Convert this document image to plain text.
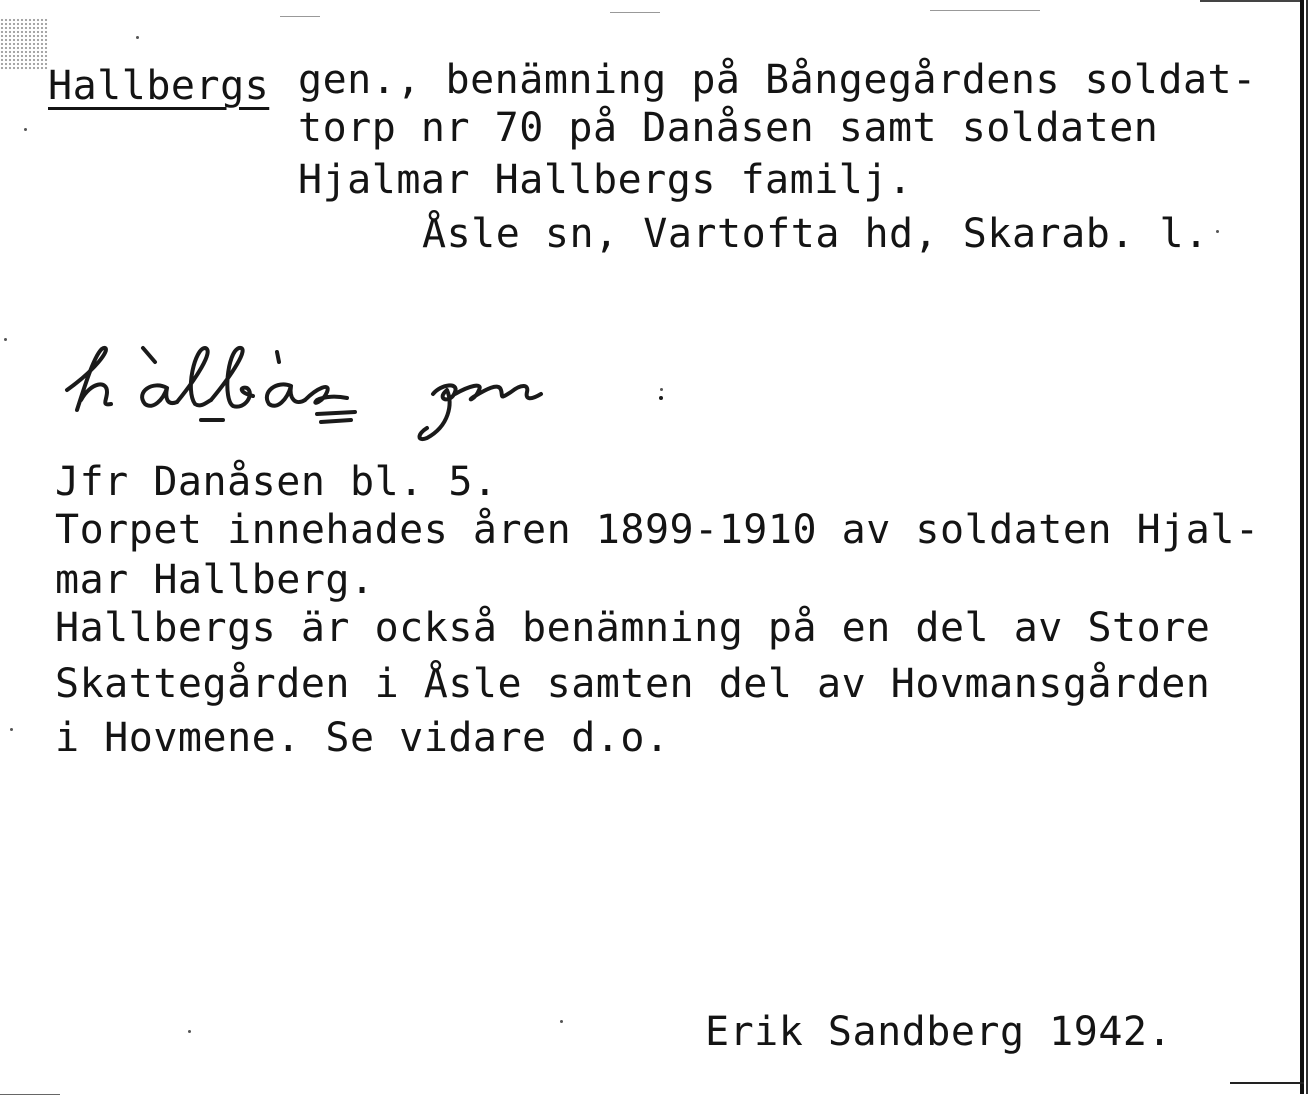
Hallbergs gen., benämning på Bångegårdens soldat-
torp nr 70 på Danåsen samt soldaten
Hjalmar Hallbergs familj.
Åsle sn, Vartofta hd, Skarab. l.
Jfr Danåsen bl. 5.
Torpet innehades åren 1899-1910 av soldaten Hjal-
mar Hallberg.
Hallbergs är också benämning på en del av Store
Skattegården i Åsle samten del av Hovmansgården
i Hovmene. Se vidare d.o.
Erik Sandberg 1942.
